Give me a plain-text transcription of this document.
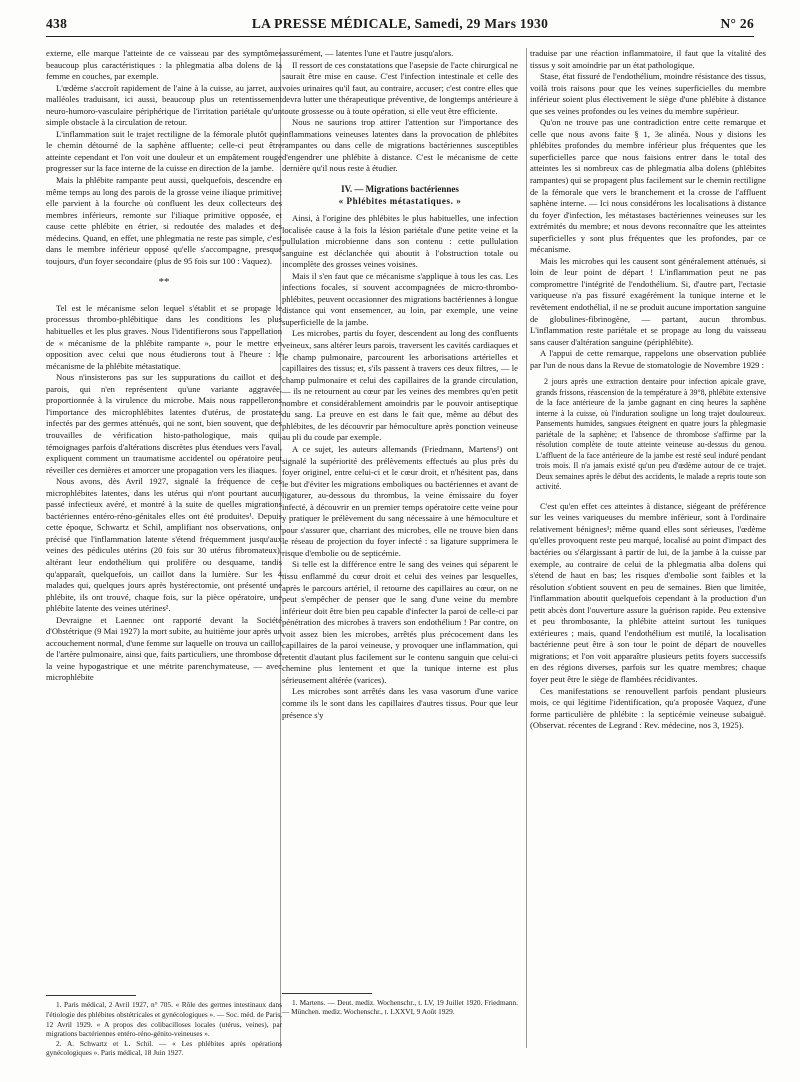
438	LA PRESSE MÉDICALE, Samedi, 29 Mars 1930	N° 26

externe, elle marque l'atteinte de ce vaisseau par des symptômes beaucoup plus caractéristiques : la phlegmatia alba dolens de la femme en couches, par exemple.

L'œdème s'accroît rapidement de l'aine à la cuisse, au jarret, aux malléoles traduisant, ici aussi, beaucoup plus un retentissement neuro-humoro-vasculaire périphérique de l'irritation pariétale qu'un simple obstacle à la circulation de retour.

L'inflammation suit le trajet rectiligne de la fémorale plutôt que le chemin détourné de la saphène affluente; celle-ci peut être atteinte cependant et l'on voit une douleur et un empâtement rouge progresser sur la face interne de la cuisse en direction de la jambe.

Mais la phlébite rampante peut aussi, quelquefois, descendre en même temps au long des parois de la grosse veine iliaque primitive; elle parvient à la fourche où confluent les deux collecteurs des membres inférieurs, remonte sur l'iliaque primitive opposée, et cause cette phlébite en étrier, si redoutée des malades et des médecins. Quand, en effet, une phlegmatia ne reste pas simple, c'est dans le membre inférieur opposé qu'elle s'accompagne, presque toujours, d'un foyer secondaire (plus de 95 fois sur 100 : Vaquez).

**

Tel est le mécanisme selon lequel s'établit et se propage le processus thrombo-phlébitique dans les conditions les plus habituelles et les plus graves. Nous l'identifierons sous l'appellation de « mécanisme de la phlébite rampante », pour le mettre en opposition avec celui que nous étudierons tout à l'heure : le mécanisme de la phlébite métastatique.

Nous n'insisterons pas sur les suppurations du caillot et des parois, qui n'en représentent qu'une variante aggravée, proportionnée à la virulence du microbe. Mais nous rappellerons l'importance des microphlébites latentes d'utérus, de prostates infectés par des germes atténués, qui ne sont, bien souvent, que des trouvailles de vérification histo-pathologique, mais qui, témoignages parfois d'altérations discrètes plus étendues vers l'aval, expliquent comment un traumatisme accidentel ou opératoire peut réveiller ces dernières et amorcer une propagation vers les iliaques.

Nous avons, dès Avril 1927, signalé la fréquence de ces microphlébites latentes, dans les utérus qui n'ont pourtant aucun passé infectieux avéré, et montré à la suite de quelles migrations bactériennes entéro-réno-génitales elles ont été produites¹. Depuis cette époque, Schwartz et Schil, amplifiant nos observations, ont précisé que l'inflammation latente s'étend fréquemment jusqu'aux veines des pédicules utérins (20 fois sur 30 utérus fibromateux), altérant leur endothélium qui prolifère ou desquame, tandis qu'apparaît, quelquefois, un caillot dans la lumière. Sur les 4 malades qui, quelques jours après hystérectomie, ont présenté une phlébite, ils ont trouvé, chaque fois, sur la pièce opératoire, une phlébite latente des veines utérines².

Devraigne et Laennec ont rapporté devant la Société d'Obstétrique (9 Mai 1927) la mort subite, au huitième jour après un accouchement normal, d'une femme sur laquelle on trouva un caillot de l'artère pulmonaire, ainsi que, faits particuliers, une thrombose de la veine hypogastrique et une métrite parenchymateuse, — avec microphlébite

1. Paris médical, 2 Avril 1927, n° 705. « Rôle des germes intestinaux dans l'étiologie des phlébites obstétricales et gynécologiques ». — Soc. méd. de Paris, 12 Avril 1929. « A propos des colibacilloses locales (utérus, veines), par migrations bactériennes entéro-réno-génito-veineuses ».

2. A. Schwartz et L. Schil. — « Les phlébites après opérations gynécologiques ». Paris médical, 18 Juin 1927.

assurément, — latentes l'une et l'autre jusqu'alors.

Il ressort de ces constatations que l'asepsie de l'acte chirurgical ne saurait être mise en cause. C'est l'infection intestinale et celle des voies urinaires qu'il faut, au contraire, accuser; c'est contre elles que devra lutter une thérapeutique préventive, de longtemps antérieure à toute grossesse ou à toute opération, si elle veut être efficiente.

Nous ne saurions trop attirer l'attention sur l'importance des inflammations veineuses latentes dans la provocation de phlébites rampantes ou dans celle de migrations bactériennes susceptibles d'engendrer une phlébite à distance. C'est le mécanisme de cette dernière qu'il nous reste à étudier.

IV. — Migrations bactériennes
« Phlébites métastatiques. »

Ainsi, à l'origine des phlébites le plus habituelles, une infection localisée cause à la fois la lésion pariétale d'une petite veine et la pullulation microbienne dans son contenu : cette pullulation sanguine est déclanchée qui aboutit à l'obstruction totale ou incomplète des grosses veines voisines.

Mais il s'en faut que ce mécanisme s'applique à tous les cas. Les infections focales, si souvent accompagnées de micro-thrombo-phlébites, peuvent occasionner des migrations bactériennes à longue distance qui vont ensemencer, au loin, par exemple, une veine superficielle de la jambe.

Les microbes, partis du foyer, descendent au long des confluents veineux, sans altérer leurs parois, traversent les cavités cardiaques et le champ pulmonaire, parcourent les arborisations artérielles et capillaires des tissus; et, s'ils passent à travers ces deux filtres, — le champ pulmonaire et celui des capillaires de la grande circulation, — ils ne retournent au cœur par les veines des membres qu'en petit nombre et considérablement amoindris par le pouvoir antiseptique du sang. La preuve en est dans le fait que, même au début des phlébites, de les découvrir par hémoculture après ponction veineuse au pli du coude par exemple.

A ce sujet, les auteurs allemands (Friedmann, Martens¹) ont signalé la supériorité des prélèvements effectués au plus près du foyer originel, entre celui-ci et le cœur droit, et n'hésitent pas, dans le but d'éviter les migrations emboliques ou bactériennes et avant de ligaturer, au-dessous du thrombus, la veine émissaire du foyer infecté, à découvrir en un premier temps opératoire cette veine pour y pratiquer le prélèvement du sang nécessaire à une hémoculture et pour s'assurer que, charriant des microbes, elle ne trouve bien dans le réseau de projection du foyer infecté : sa ligature supprimera le risque d'embolie ou de septicémie.

Si telle est la différence entre le sang des veines qui séparent le tissu enflammé du cœur droit et celui des veines par lesquelles, après le parcours artériel, il retourne des capillaires au cœur, on ne peut s'empêcher de penser que le sang d'une veine du membre inférieur doit être bien peu capable d'infecter la paroi de celle-ci par pénétration des microbes à travers son endothélium ! Par contre, on voit assez bien les microbes, arrêtés plus précocement dans les capillaires de la paroi veineuse, y provoquer une inflammation, qui retentit d'autant plus facilement sur le contenu sanguin que celui-ci chemine plus lentement et que la tunique interne est plus sérieusement altérée (varices).

Les microbes sont arrêtés dans les vasa vasorum d'une varice comme ils le sont dans les capillaires d'autres tissus. Pour que leur présence s'y

1. Martens. — Deut. mediz. Wochenschr., t. LV, 19 Juillet 1920. Friedmann. — München. mediz. Wochenschr., t. LXXVI, 9 Août 1929.

traduise par une réaction inflammatoire, il faut que la vitalité des tissus y soit amoindrie par un état pathologique.

Stase, état fissuré de l'endothélium, moindre résistance des tissus, voilà trois raisons pour que les veines superficielles du membre inférieur soient plus électivement le siège d'une phlébite à distance que ses veines profondes ou les veines du membre supérieur.

Qu'on ne trouve pas une contradiction entre cette remarque et celle que nous avons faite § 1, 3e alinéa. Nous y disions les phlébites profondes du membre inférieur plus fréquentes que les superficielles parce que nous faisions entrer dans le total des atteintes les si nombreux cas de phlegmatia alba dolens (phlébites rampantes) qui se propagent plus facilement sur le chemin rectiligne de la fémorale que vers le branchement et la crosse de l'affluent saphène interne. — Ici nous considérons les localisations à distance du foyer d'infection, les métastases bactériennes veineuses sur les extrémités du membre; et nous devons reconnaître que les atteintes superficielles y sont plus fréquentes que les profondes, par ce mécanisme.

Mais les microbes qui les causent sont généralement atténués, si loin de leur point de départ ! L'inflammation peut ne pas compromettre l'intégrité de l'endothélium. Si, d'autre part, l'ectasie variqueuse n'a pas fissuré exagérément la tunique interne et le revêtement endothélial, il ne se produit aucune importation sanguine de globulines-fibrinogène, — partant, aucun thrombus. L'inflammation reste pariétale et se propage au long du vaisseau sans causer d'altération sanguine (périphlébite).

A l'appui de cette remarque, rappelons une observation publiée par l'un de nous dans la Revue de stomatologie de Novembre 1929 :

2 jours après une extraction dentaire pour infection apicale grave, grands frissons, réascension de la température à 39°8, phlébite extensive de la face antérieure de la jambe gagnant en cinq heures la saphène interne à la cuisse, où l'induration souligne un long trajet douloureux. Pansements humides, sangsues éteignent en quatre jours la phlegmasie pariétale de la saphène; et l'absence de thrombose s'affirme par la résolution complète de toute atteinte veineuse au-dessus du genou. L'affluent de la face antérieure de la jambe est resté seul induré pendant trois mois. Il n'a jamais existé qu'un peu d'œdème autour de ce trajet. Deux semaines après le début des accidents, le malade a repris toute son activité.

C'est qu'en effet ces atteintes à distance, siégeant de préférence sur les veines variqueuses du membre inférieur, sont à l'ordinaire relativement bénignes¹; même quand elles sont sérieuses, l'œdème qu'elles provoquent reste peu marqué, localisé au point d'impact des bactéries ou s'élargissant à partir de lui, de la jambe à la cuisse par exemple, au contraire de celui de la phlegmatia alba dolens qui s'étend de haut en bas; les risques d'embolie sont faibles et la résolution s'obtient souvent en peu de semaines. Bien que limitée, l'inflammation aboutit quelquefois cependant à la production d'un petit abcès dont l'ouverture assure la guérison rapide. Peu extensive et peu thrombosante, la phlébite atteint surtout les tuniques extérieures ; mais, quand l'endothélium est mutilé, la localisation bactérienne peut être à son tour le point de départ de nouvelles migrations; et l'on voit apparaître plusieurs petits foyers successifs en des régions diverses, parfois sur les quatre membres; chaque foyer peut être le siège de flambées récidivantes.

Ces manifestations se renouvellent parfois pendant plusieurs mois, ce qui légitime l'identification, qu'a proposée Vaquez, d'une forme particulière de phlébite : la septicémie veineuse subaiguë. (Observat. récentes de Legrand : Rev. médecine, nos 3, 1925).
